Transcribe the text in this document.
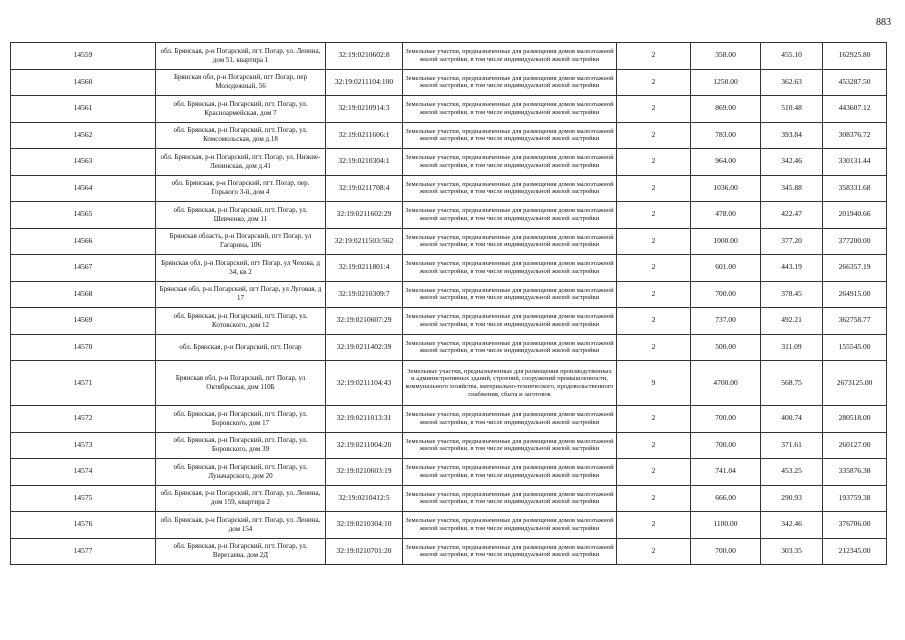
883
14559	обл. Брянская, р-н Погарский, пгт. Погар, ул. Ленина, дом 51, квартира 1	32:19:0210602:8	Земельные участки, предназначенные для размещения домов малоэтажной жилой застройки, в том числе индивидуальной жилой застройки	2	358.00	455.10	162925.80
14560	Брянская обл, р-н Погарский, пгт Погар, пер Молодежный, 56	32:19:0211104:100	Земельные участки, предназначенные для размещения домов малоэтажной жилой застройки, в том числе индивидуальной жилой застройки	2	1250.00	362.63	453287.50
14561	обл. Брянская, р-н Погарский, пгт. Погар, ул. Красноармейская, дом 7	32:19:0210914:3	Земельные участки, предназначенные для размещения домов малоэтажной жилой застройки, в том числе индивидуальной жилой застройки	2	869.00	510.48	443607.12
14562	обл. Брянская, р-н Погарский, пгт. Погар, ул. Комсомольская, дом д.18	32:19:0211606:1	Земельные участки, предназначенные для размещения домов малоэтажной жилой застройки, в том числе индивидуальной жилой застройки	2	783.00	393.84	308376.72
14563	обл. Брянская, р-н Погарский, пгт. Погар, ул. Низкие-Ленинская, дом д.41	32:19:0210304:1	Земельные участки, предназначенные для размещения домов малоэтажной жилой застройки, в том числе индивидуальной жилой застройки	2	964.00	342.46	330131.44
14564	обл. Брянская, р-н Погарский, пгт. Погар, пер. Горького 3-й, дом 4	32:19:0211708:4	Земельные участки, предназначенные для размещения домов малоэтажной жилой застройки, в том числе индивидуальной жилой застройки	2	1036.00	345.88	358331.68
14565	обл. Брянская, р-н Погарский, пгт. Погар, ул. Шевченко, дом 11	32:19:0211602:29	Земельные участки, предназначенные для размещения домов малоэтажной жилой застройки, в том числе индивидуальной жилой застройки	2	478.00	422.47	201940.66
14566	Брянская область, р-н Погарский, пгт Погар, ул Гагарина, 106	32:19:0211503:562	Земельные участки, предназначенные для размещения домов малоэтажной жилой застройки, в том числе индивидуальной жилой застройки	2	1000.00	377.20	377200.00
14567	Брянская обл, р-н Погарский, пгт Погар, ул Чехова, д 34, кв 2	32:19:0211801:4	Земельные участки, предназначенные для размещения домов малоэтажной жилой застройки, в том числе индивидуальной жилой застройки	2	601.00	443.19	266357.19
14568	Брянская обл, р-н Погарский, пгт Погар, ул Луговая, д 17	32:19:0210309:7	Земельные участки, предназначенные для размещения домов малоэтажной жилой застройки, в том числе индивидуальной жилой застройки	2	700.00	378.45	264915.00
14569	обл. Брянская, р-н Погарский, пгт. Погар, ул. Котовского, дом 12	32:19:0210607:29	Земельные участки, предназначенные для размещения домов малоэтажной жилой застройки, в том числе индивидуальной жилой застройки	2	737.00	492.21	362758.77
14570	обл. Брянская, р-н Погарский, пгт. Погар	32:19:0211402:39	Земельные участки, предназначенные для размещения домов малоэтажной жилой застройки, в том числе индивидуальной жилой застройки	2	500.00	311.09	155545.00
14571	Брянская обл, р-н Погарский, пгт Погар, ул Октябрьская, дом 110Б	32:19:0211104:43	Земельные участки, предназначенные для размещения производственных и административных зданий, строений, сооружений промышленности, коммунального хозяйства, материально-технического, продовольственного снабжения, сбыта и заготовок	9	4700.00	568.75	2673125.00
14572	обл. Брянская, р-н Погарский, пгт. Погар, ул. Боровского, дом 17	32:19:0211013:31	Земельные участки, предназначенные для размещения домов малоэтажной жилой застройки, в том числе индивидуальной жилой застройки	2	700.00	400.74	280518.00
14573	обл. Брянская, р-н Погарский, пгт. Погар, ул. Боровского, дом 39	32:19:0211004:20	Земельные участки, предназначенные для размещения домов малоэтажной жилой застройки, в том числе индивидуальной жилой застройки	2	700.00	371.61	260127.00
14574	обл. Брянская, р-н Погарский, пгт. Погар, ул. Луначарского, дом 20	32:19:0210603:19	Земельные участки, предназначенные для размещения домов малоэтажной жилой застройки, в том числе индивидуальной жилой застройки	2	741.04	453.25	335876.38
14575	обл. Брянская, р-н Погарский, пгт. Погар, ул. Ленина, дом 159, квартира 2	32:19:0210412:5	Земельные участки, предназначенные для размещения домов малоэтажной жилой застройки, в том числе индивидуальной жилой застройки	2	666.00	290.93	193759.38
14576	обл. Брянская, р-н Погарский, пгт. Погар, ул. Ленина, дом 154	32:19:0210304:10	Земельные участки, предназначенные для размещения домов малоэтажной жилой застройки, в том числе индивидуальной жилой застройки	2	1100.00	342.46	376706.00
14577	обл. Брянская, р-н Погарский, пгт. Погар, ул. Вересаева, дом 2Д	32:19:0210701:20	Земельные участки, предназначенные для размещения домов малоэтажной жилой застройки, в том числе индивидуальной жилой застройки	2	700.00	303.35	212345.00
